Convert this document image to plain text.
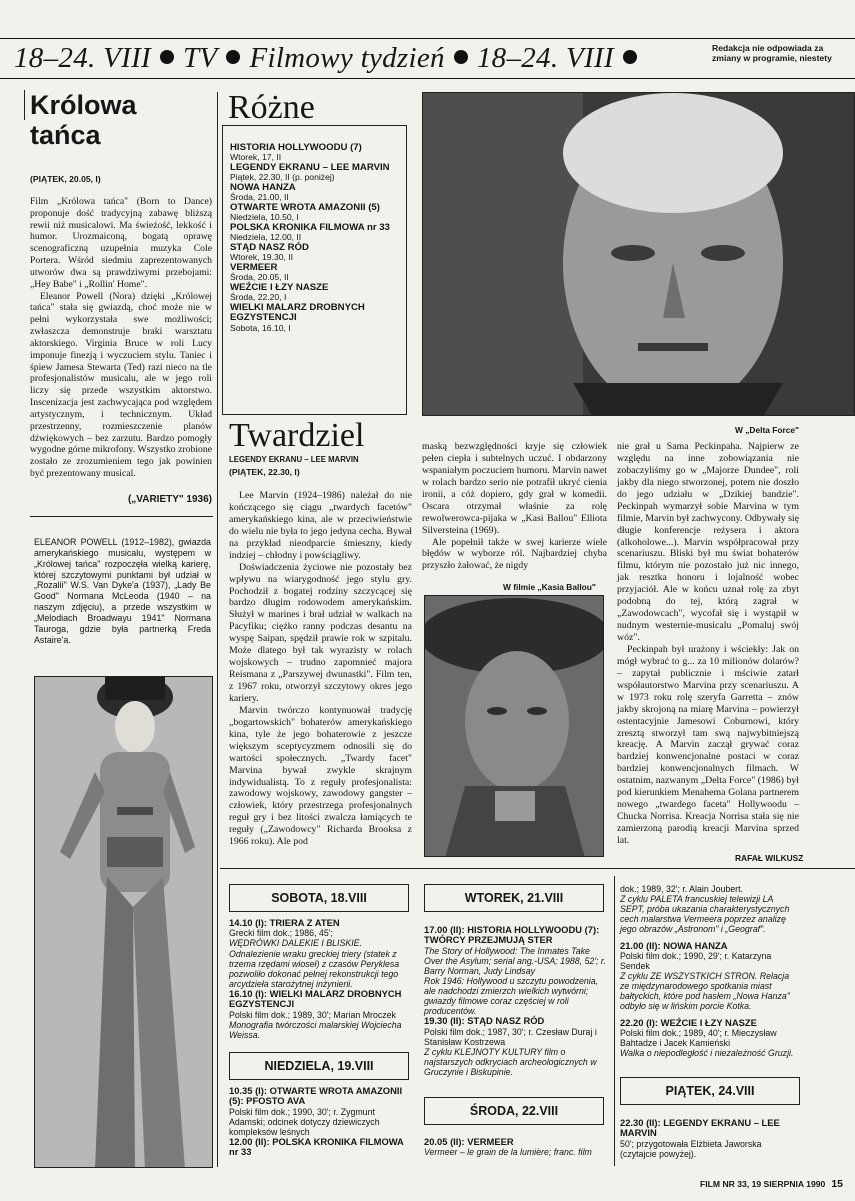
18–24. VIII TV Filmowy tydzień 18–24. VIII	Redakcja nie odpowiada za zmiany w programie, niestety
Królowa
tańca
(PIĄTEK, 20.05, I)

Film „Królowa tańca" (Born to Dance) proponuje dość tradycyjną zabawę bliższą rewii niż musicalowi. Ma świeżość, lekkość i humor. Urozmaiconą, bogatą oprawę scenograficzną uzupełnia muzyka Cole Portera. Wśród siedmiu zaprezentowanych utworów dwa są prawdziwymi przebojami: „Hey Babe" i „Rollin' Home".

Eleanor Powell (Nora) dzięki „Królowej tańca" stała się gwiazdą, choć może nie w pełni wykorzystała swe możliwości; zwłaszcza demonstruje braki warsztatu aktorskiego. Virginia Bruce w roli Lucy imponuje finezją i wyczuciem stylu. Taniec i śpiew Jamesa Stewarta (Ted) razi nieco na tle profesjonalistów musicalu, ale w jego roli liczy się przede wszystkim aktorstwo. Inscenizacja jest zachwycająca pod względem artystycznym, i technicznym. Układ przestrzenny, rozmieszczenie planów dźwiękowych – bez zarzutu. Bardzo pomogły wygodne górne mikrofony. Wszystko zrobione zostało ze zrozumieniem tego jak powinien być prezentowany musical.

(„VARIETY" 1936)
ELEANOR POWELL (1912–1982), gwiazda amerykańskiego musicalu, występem w „Królowej tańca" rozpoczęła wielką karierę, której szczytowymi punktami był udział w „Rozalii" W.S. Van Dyke'a (1937), „Lady Be Good" Normana McLeoda (1940 – na naszym zdjęciu), a przede wszystkim w „Melodiach Broadwayu 1941" Normana Tauroga, gdzie była partnerką Freda Astaire'a.
Różne
HISTORIA HOLLYWOODU (7)
Wtorek, 17, II
LEGENDY EKRANU – LEE MARVIN
Piątek, 22.30, II (p. poniżej)
NOWA HANZA
Środa, 21.00, II
OTWARTE WROTA AMAZONII (5)
Niedziela, 10.50, I
POLSKA KRONIKA FILMOWA nr 33
Niedziela, 12.00, II
STĄD NASZ RÓD
Wtorek, 19.30, II
VERMEER
Środa, 20.05, II
WEŹCIE I ŁZY NASZE
Środa, 22.20, I
WIELKI MALARZ DROBNYCH EGZYSTENCJI
Sobota, 16.10, I
W „Delta Force"
Twardziel
LEGENDY EKRANU – LEE MARVIN
(PIĄTEK, 22.30, I)

Lee Marvin (1924–1986) należał do nie kończącego się ciągu „twardych facetów" amerykańskiego kina, ale w przeciwieństwie do wielu nie była to jego jedyna cecha. Bywał na przykład nieodparcie śmieszny, kiedy indziej – chłodny i powściągliwy.

Doświadczenia życiowe nie pozostały bez wpływu na wiarygodność jego stylu gry. Pochodził z bogatej rodziny szczycącej się bardzo długim rodowodem amerykańskim. Służył w marines i brał udział w walkach na Pacyfiku; ciężko ranny podczas desantu na wyspę Saipan, spędził prawie rok w szpitalu. Może dlatego był tak wyrazisty w rolach wojskowych – trudno zapomnieć majora Reismana z „Parszywej dwunastki". Film ten, z 1967 roku, otworzył szczytowy okres jego kariery.

Marvin twórczo kontynuował tradycję „bogartowskich" bohaterów amerykańskiego kina, tyle że jego bohaterowie z jeszcze większym sceptycyzmem odnosili się do wartości społecznych. „Twardy facet" Marvina bywał zwykle skrajnym indywidualistą. To z reguły profesjonalista: zawodowy wojskowy, zawodowy gangster – człowiek, który przestrzega profesjonalnych reguł gry i bez litości zwalcza łamiących te reguły („Zawodowcy" Richarda Brooksa z 1966 roku). Ale pod

maską bezwzględności kryje się człowiek pełen ciepła i subtelnych uczuć. I obdarzony wspaniałym poczuciem humoru. Marvin nawet w rolach bardzo serio nie potrafił ukryć cienia ironii, a cóż dopiero, gdy grał w komedii. Oscara otrzymał właśnie za rolę rewolwerowca-pijaka w „Kasi Ballou" Elliota Silversteina (1969).

Ale popełnił także w swej karierze wiele błędów w wyborze ról. Najbardziej chyba przyszło żałować, że nigdy

W filmie „Kasia Ballou"

nie grał u Sama Peckinpaha. Najpierw ze względu na inne zobowiązania nie zobaczyliśmy go w „Majorze Dundee", roli jakby dla niego stworzonej, potem nie doszło do jego udziału w „Dzikiej bandzie". Peckinpah wymarzył sobie Marvina w tym filmie, Marvin był zachwycony. Odbywały się długie konferencje reżysera i aktora (alkoholowe...). Marvin współpracował przy scenariuszu. Bliski był mu świat bohaterów filmu, którym nie pozostało już nic innego, jak resztka honoru i lojalność wobec przyjaciół. Ale w końcu uznał rolę za zbyt podobną do tej, którą zagrał w „Zawodowcach", wycofał się i wystąpił w nudnym westernie-musicalu „Pomaluj swój wóz".

Peckinpah był urażony i wściekły: Jak on mógł wybrać to g... za 10 milionów dolarów? – zapytał publicznie i mściwie zatarł współautorstwo Marvina przy scenariuszu. A w 1973 roku rolę szeryfa Garretta – znów jakby skrojoną na miarę Marvina – powierzył ostentacyjnie Jamesowi Coburnowi, który zresztą stworzył tam swą najwybitniejszą kreację. A Marvin zaczął grywać coraz bardziej konwencjonalne postaci w coraz bardziej konwencjonalnych filmach. W ostatnim, nazwanym „Delta Force" (1986) był pod kierunkiem Menahema Golana partnerem nowego „twardego faceta" Hollywoodu – Chucka Norrisa. Kreacja Norrisa stała się nie zamierzoną parodią kreacji Marvina sprzed lat.

RAFAŁ WILKUSZ
SOBOTA, 18.VIII
14.10 (I): TRIERA Z ATEN
Grecki film dok.; 1986, 45';
WĘDRÓWKI DALEKIE I BLISKIE. Odnalezienie wraku greckiej triery (statek z trzema rzędami wioseł) z czasów Peryklesa pozwoliło dokonać pełnej rekonstrukcji tego arcydzieła starożytnej inżynierii.
16.10 (I): WIELKI MALARZ DROBNYCH EGZYSTENCJI
Polski film dok.; 1989, 30'; Marian Mroczek
Monografia twórczości malarskiej Wojciecha Weissa.
NIEDZIELA, 19.VIII
10.35 (I): OTWARTE WROTA AMAZONII (5): PFOSTO AVA
Polski film dok.; 1990, 30'; r. Zygmunt Adamski; odcinek dotyczy dziewiczych kompleksów leśnych
12.00 (II): POLSKA KRONIKA FILMOWA nr 33
WTOREK, 21.VIII
17.00 (II): HISTORIA HOLLYWOODU (7): TWÓRCY PRZEJMUJĄ STER
The Story of Hollywood: The Inmates Take Over the Asylum; serial ang.-USA; 1988, 52'; r. Barry Norman, Judy Lindsay
Rok 1946: Hollywood u szczytu powodzenia, ale nadchodzi zmierzch wielkich wytwórni; gwiazdy filmowe coraz częściej w roli producentów.
19.30 (II): STĄD NASZ RÓD
Polski film dok.; 1987, 30'; r. Czesław Duraj i Stanisław Kostrzewa
Z cyklu KLEJNOTY KULTURY film o najstarszych odkryciach archeologicznych w Gruczynie i Biskupinie.
ŚRODA, 22.VIII
20.05 (II): VERMEER
Vermeer – le grain de la lumière; franc. film
dok.; 1989, 32'; r. Alain Joubert.
Z cyklu PALETA francuskiej telewizji LA SEPT, próba ukazania charakterystycznych cech malarstwa Vermeera poprzez analizę jego obrazów „Astronom" i „Geograf".
21.00 (II): NOWA HANZA
Polski film dok.; 1990, 29'; r. Katarzyna Sendek
Z cyklu ZE WSZYSTKICH STRON. Relacja ze międzynarodowego spotkania miast bałtyckich, które pod hasłem „Nowa Hanza" odbyło się w lińskim porcie Kotka.
22.20 (I): WEŹCIE I ŁZY NASZE
Polski film dok.; 1989, 40'; r. Mieczysław Bahtadze i Jacek Kamieński
Walka o niepodległość i niezależność Gruzji.
PIĄTEK, 24.VIII
22.30 (II): LEGENDY EKRANU – LEE MARVIN
50'; przygotowała Elżbieta Jaworska (czytajcie powyżej).
FILM NR 33, 19 SIERPNIA 1990 15
